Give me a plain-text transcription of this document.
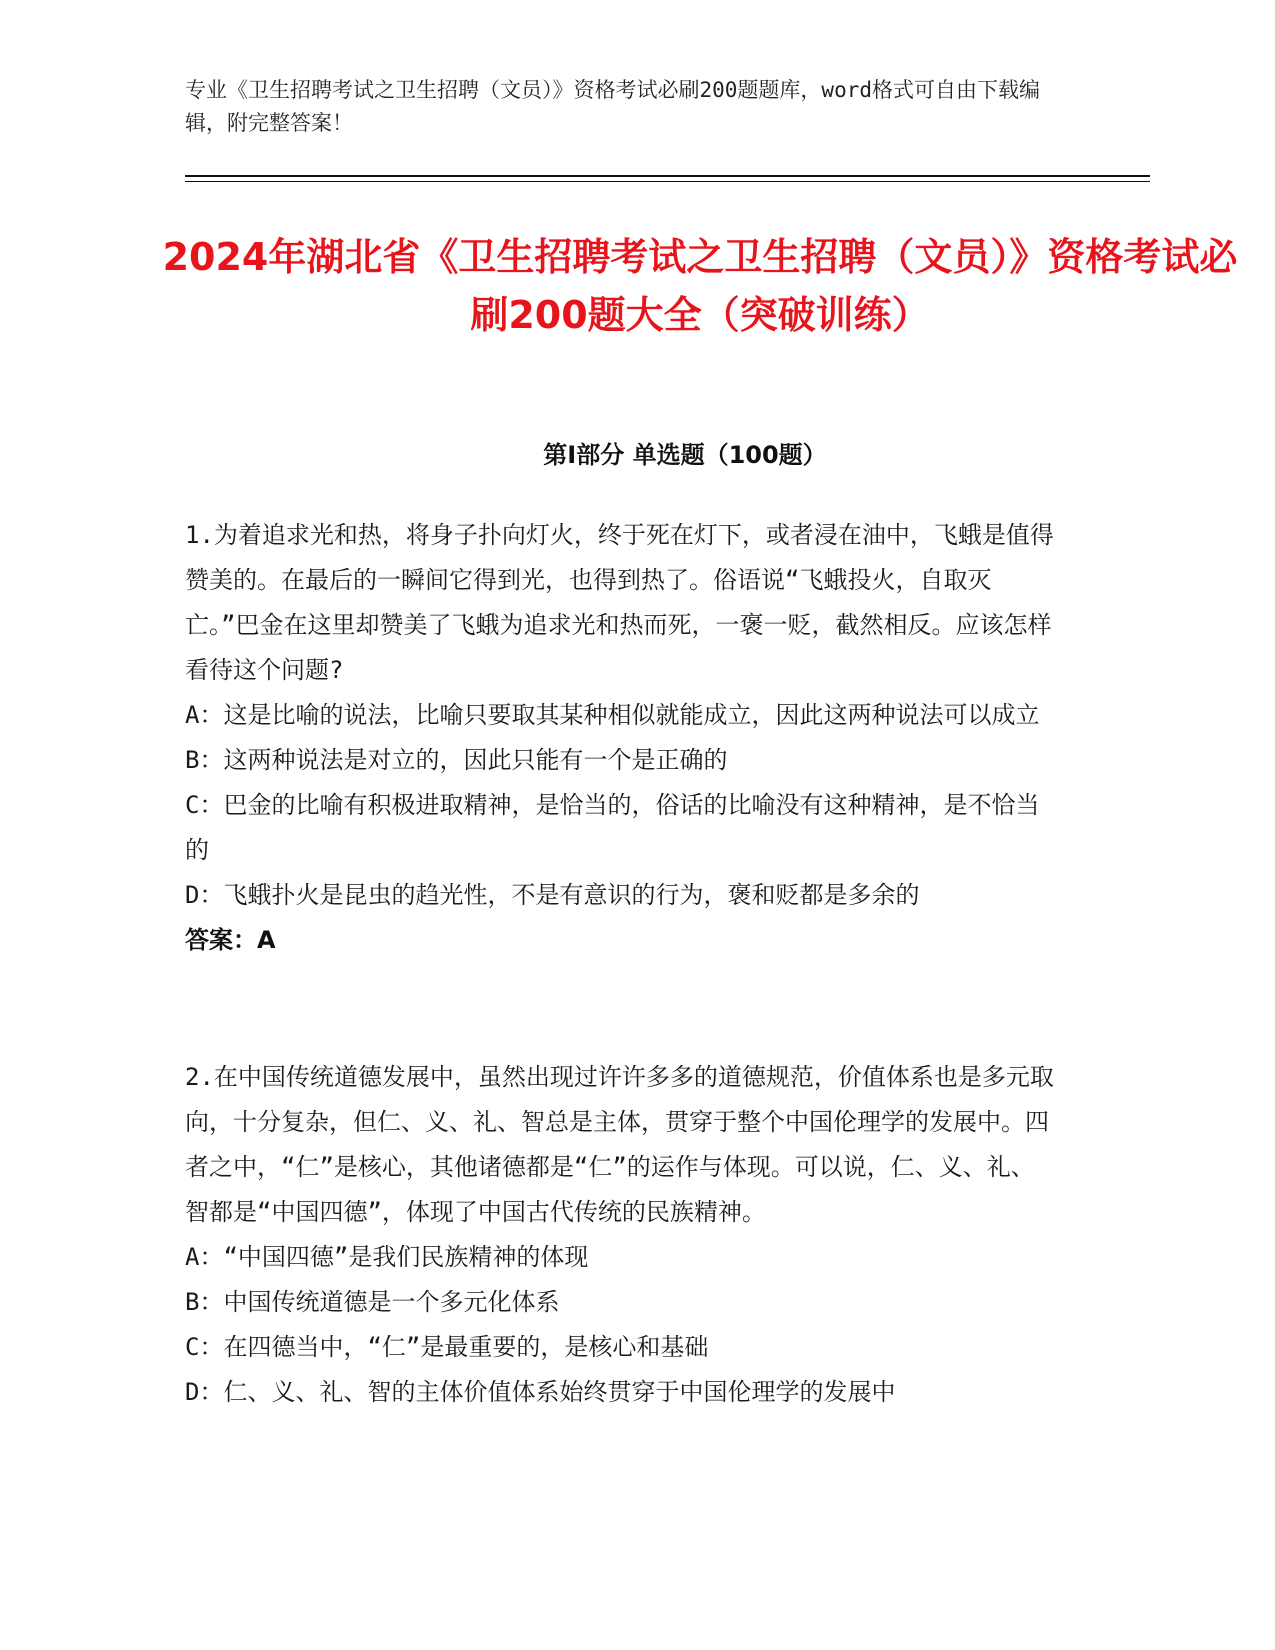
专业《卫生招聘考试之卫生招聘（文员）》资格考试必刷200题题库，word格式可自由下载编辑，附完整答案！
2024年湖北省《卫生招聘考试之卫生招聘（文员）》资格考试必刷200题大全（突破训练）
第I部分 单选题（100题）

1.为着追求光和热，将身子扑向灯火，终于死在灯下，或者浸在油中，飞蛾是值得赞美的。在最后的一瞬间它得到光，也得到热了。俗语说“飞蛾投火，自取灭亡。”巴金在这里却赞美了飞蛾为追求光和热而死，一褒一贬，截然相反。应该怎样看待这个问题?

A：这是比喻的说法，比喻只要取其某种相似就能成立，因此这两种说法可以成立

B：这两种说法是对立的，因此只能有一个是正确的

C：巴金的比喻有积极进取精神，是恰当的，俗话的比喻没有这种精神，是不恰当的

D：飞蛾扑火是昆虫的趋光性，不是有意识的行为，褒和贬都是多余的

答案：A

2.在中国传统道德发展中，虽然出现过许许多多的道德规范，价值体系也是多元取向，十分复杂，但仁、义、礼、智总是主体，贯穿于整个中国伦理学的发展中。四者之中，“仁”是核心，其他诸德都是“仁”的运作与体现。可以说，仁、义、礼、智都是“中国四德”，体现了中国古代传统的民族精神。

A：“中国四德”是我们民族精神的体现

B：中国传统道德是一个多元化体系

C：在四德当中，“仁”是最重要的，是核心和基础

D：仁、义、礼、智的主体价值体系始终贯穿于中国伦理学的发展中
